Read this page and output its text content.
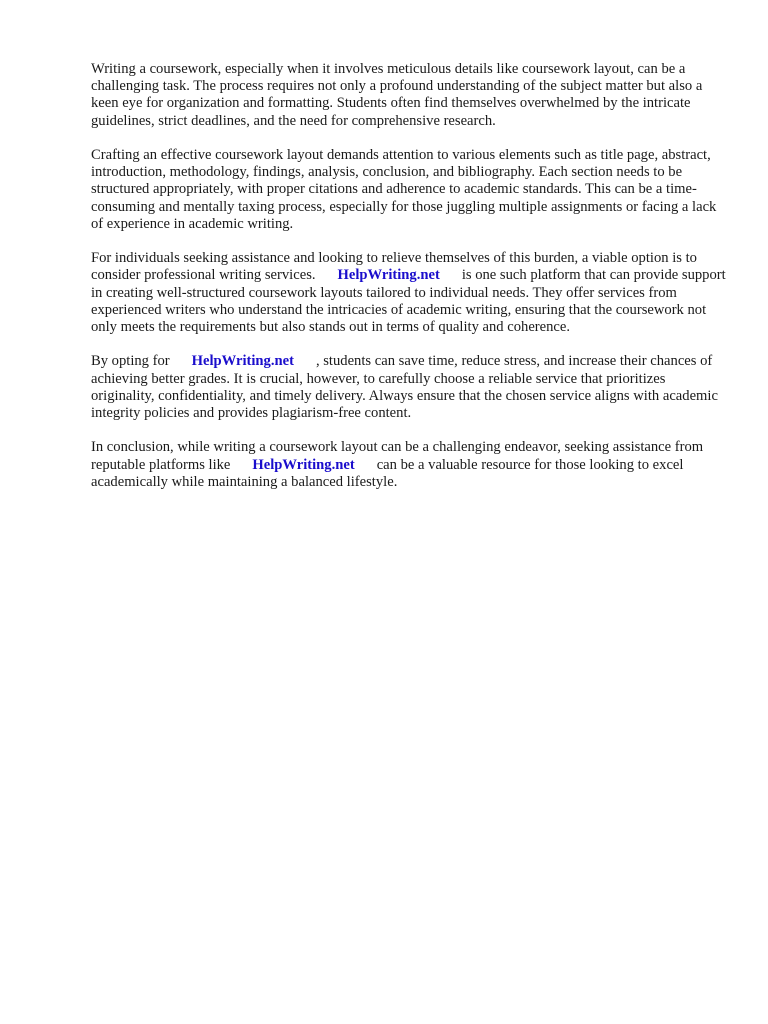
Writing a coursework, especially when it involves meticulous details like coursework layout, can be a challenging task. The process requires not only a profound understanding of the subject matter but also a keen eye for organization and formatting. Students often find themselves overwhelmed by the intricate guidelines, strict deadlines, and the need for comprehensive research.

Crafting an effective coursework layout demands attention to various elements such as title page, abstract, introduction, methodology, findings, analysis, conclusion, and bibliography. Each section needs to be structured appropriately, with proper citations and adherence to academic standards. This can be a time-consuming and mentally taxing process, especially for those juggling multiple assignments or facing a lack of experience in academic writing.

For individuals seeking assistance and looking to relieve themselves of this burden, a viable option is to consider professional writing services. HelpWriting.net is one such platform that can provide support in creating well-structured coursework layouts tailored to individual needs. They offer services from experienced writers who understand the intricacies of academic writing, ensuring that the coursework not only meets the requirements but also stands out in terms of quality and coherence.

By opting for HelpWriting.net , students can save time, reduce stress, and increase their chances of achieving better grades. It is crucial, however, to carefully choose a reliable service that prioritizes originality, confidentiality, and timely delivery. Always ensure that the chosen service aligns with academic integrity policies and provides plagiarism-free content.

In conclusion, while writing a coursework layout can be a challenging endeavor, seeking assistance from reputable platforms like HelpWriting.net can be a valuable resource for those looking to excel academically while maintaining a balanced lifestyle.
